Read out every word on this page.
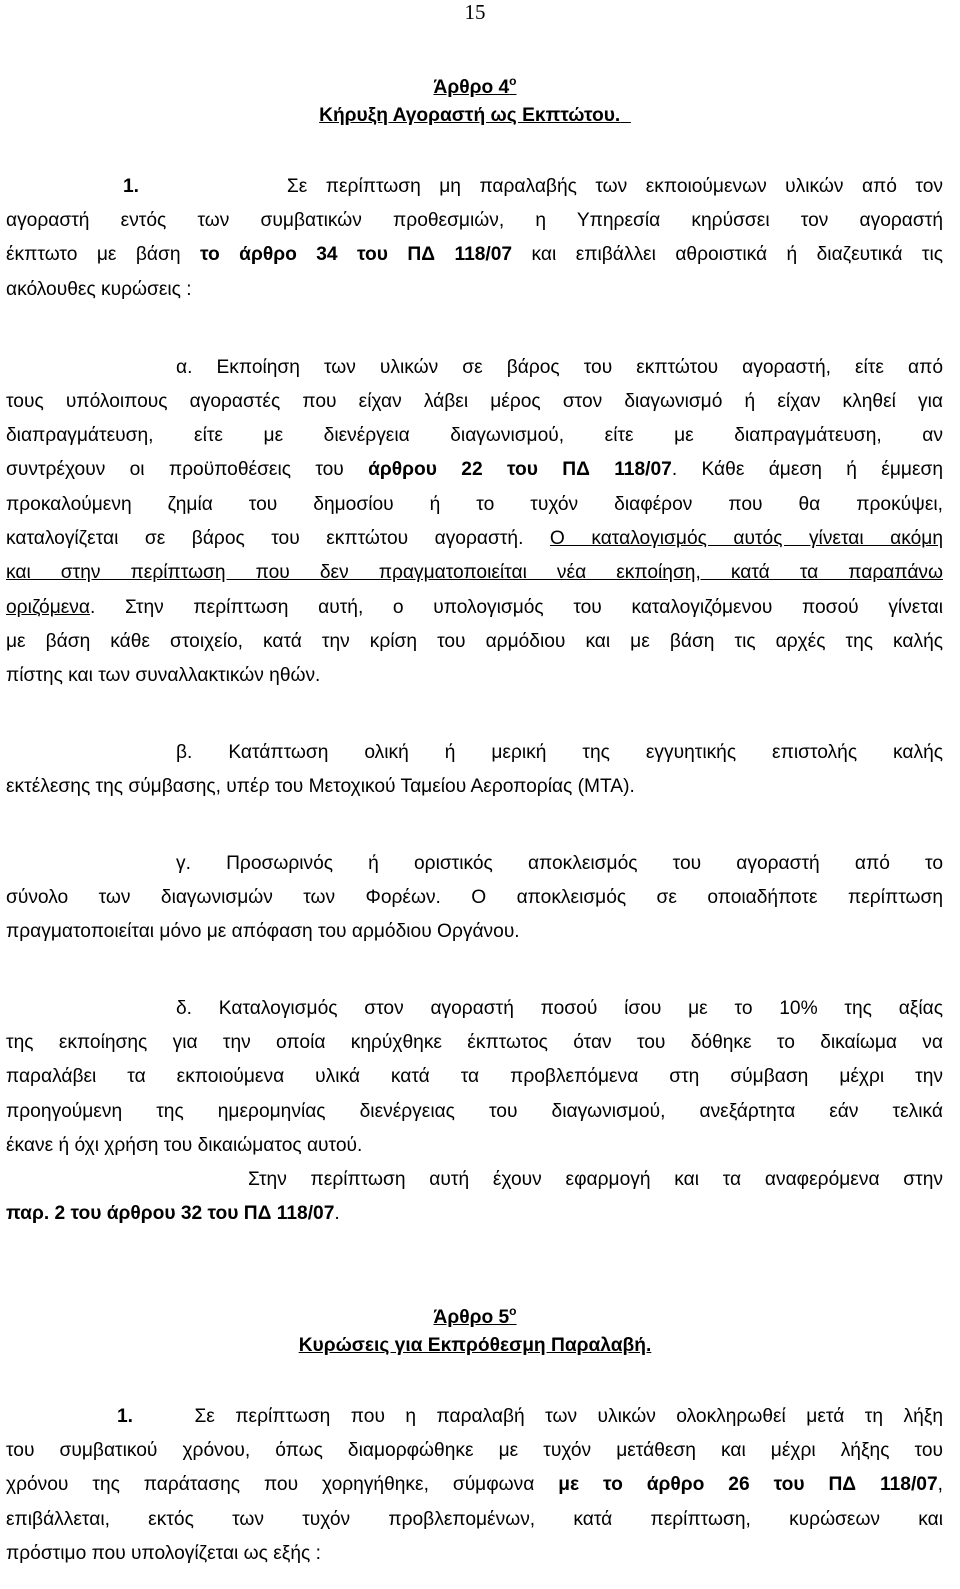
15
Άρθρο $4^o$
Κήρυξη Αγοραστή ως Εκπτώτου.
1.	Σε περίπτωση μη παραλαβής των εκποιούμενων υλικών από τον
αγοραστή εντός των συμβατικών προθεσμιών, η Υπηρεσία κηρύσσει τον αγοραστή
έκπτωτο με βάση το άρθρο 34 του ΠΔ 118/07 και επιβάλλει αθροιστικά ή διαζευτικά τις
ακόλουθες κυρώσεις :
α. Εκποίηση των υλικών σε βάρος του εκπτώτου αγοραστή, είτε από
τους υπόλοιπους αγοραστές που είχαν λάβει μέρος στον διαγωνισμό ή είχαν κληθεί για
διαπραγμάτευση, είτε με διενέργεια διαγωνισμού, είτε με διαπραγμάτευση, αν
συντρέχουν οι προϋποθέσεις του άρθρου 22 του ΠΔ 118/07. Κάθε άμεση ή έμμεση
προκαλούμενη ζημία του δημοσίου ή το τυχόν διαφέρον που θα προκύψει,
καταλογίζεται σε βάρος του εκπτώτου αγοραστή. Ο καταλογισμός αυτός γίνεται ακόμη
και στην περίπτωση που δεν πραγματοποιείται νέα εκποίηση, κατά τα παραπάνω
οριζόμενα. Στην περίπτωση αυτή, ο υπολογισμός του καταλογιζόμενου ποσού γίνεται
με βάση κάθε στοιχείο, κατά την κρίση του αρμόδιου και με βάση τις αρχές της καλής
πίστης και των συναλλακτικών ηθών.
β. Κατάπτωση ολική ή μερική της εγγυητικής επιστολής καλής
εκτέλεσης της σύμβασης, υπέρ του Μετοχικού Ταμείου Αεροπορίας (ΜΤΑ).
γ. Προσωρινός ή οριστικός αποκλεισμός του αγοραστή από το
σύνολο των διαγωνισμών των Φορέων. Ο αποκλεισμός σε οποιαδήποτε περίπτωση
πραγματοποιείται μόνο με απόφαση του αρμόδιου Οργάνου.
δ. Καταλογισμός στον αγοραστή ποσού ίσου με το 10% της αξίας
της εκποίησης για την οποία κηρύχθηκε έκπτωτος όταν του δόθηκε το δικαίωμα να
παραλάβει τα εκποιούμενα υλικά κατά τα προβλεπόμενα στη σύμβαση μέχρι την
προηγούμενη της ημερομηνίας διενέργειας του διαγωνισμού, ανεξάρτητα εάν τελικά
έκανε ή όχι χρήση του δικαιώματος αυτού.
Στην περίπτωση αυτή έχουν εφαρμογή και τα αναφερόμενα στην
παρ. 2 του άρθρου 32 του ΠΔ 118/07.
Άρθρο $5^o$
Κυρώσεις για Εκπρόθεσμη Παραλαβή.
1.	Σε περίπτωση που η παραλαβή των υλικών ολοκληρωθεί μετά τη λήξη
του συμβατικού χρόνου, όπως διαμορφώθηκε με τυχόν μετάθεση και μέχρι λήξης του
χρόνου της παράτασης που χορηγήθηκε, σύμφωνα με το άρθρο 26 του ΠΔ 118/07,
επιβάλλεται, εκτός των τυχόν προβλεπομένων, κατά περίπτωση, κυρώσεων και
πρόστιμο που υπολογίζεται ως εξής :
